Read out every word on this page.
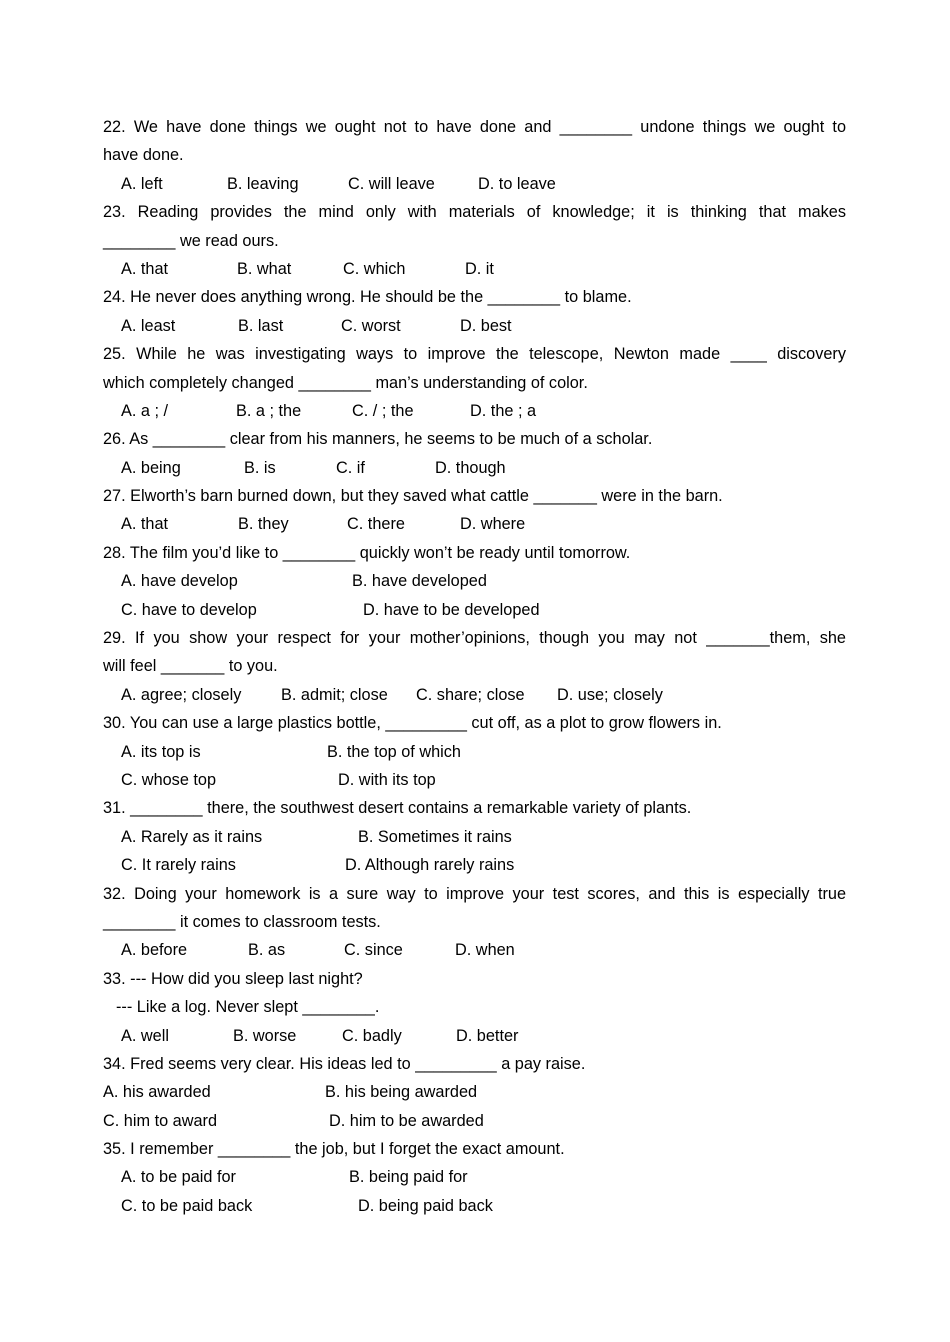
22. We have done things we ought not to have done and ________ undone things we ought to
have done.
A. left	B. leaving	C. will leave	D. to leave
23. Reading provides the mind only with materials of knowledge; it is thinking that makes
________ we read ours.
A. that	B. what	C. which	D. it
24. He never does anything wrong. He should be the ________ to blame.
A. least	B. last	C. worst	D. best
25. While he was investigating ways to improve the telescope, Newton made ____ discovery
which completely changed ________ man’s understanding of color.
A. a ; /	B. a ; the	C. / ; the	D. the ; a
26. As ________ clear from his manners, he seems to be much of a scholar.
A. being	B. is	C. if	D. though
27. Elworth’s barn burned down, but they saved what cattle _______ were in the barn.
A. that	B. they	C. there	D. where
28. The film you’d like to ________ quickly won’t be ready until tomorrow.
A. have develop	B. have developed
C. have to develop	D. have to be developed
29. If you show your respect for your mother’opinions, though you may not _______them, she
will feel _______ to you.
A. agree; closely B. admit; close C. share; close D. use; closely
30. You can use a large plastics bottle, _________ cut off, as a plot to grow flowers in.
A. its top is	B. the top of which
C. whose top	D. with its top
31. ________ there, the southwest desert contains a remarkable variety of plants.
A. Rarely as it rains	B. Sometimes it rains
C. It rarely rains	D. Although rarely rains
32. Doing your homework is a sure way to improve your test scores, and this is especially true
________ it comes to classroom tests.
A. before	B. as	C. since	D. when
33. --- How did you sleep last night?
--- Like a log. Never slept ________.
A. well	B. worse	C. badly	D. better
34. Fred seems very clear. His ideas led to _________ a pay raise.
A. his awarded	B. his being awarded
C. him to award	D. him to be awarded
35. I remember ________ the job, but I forget the exact amount.
A. to be paid for	B. being paid for
C. to be paid back	D. being paid back
